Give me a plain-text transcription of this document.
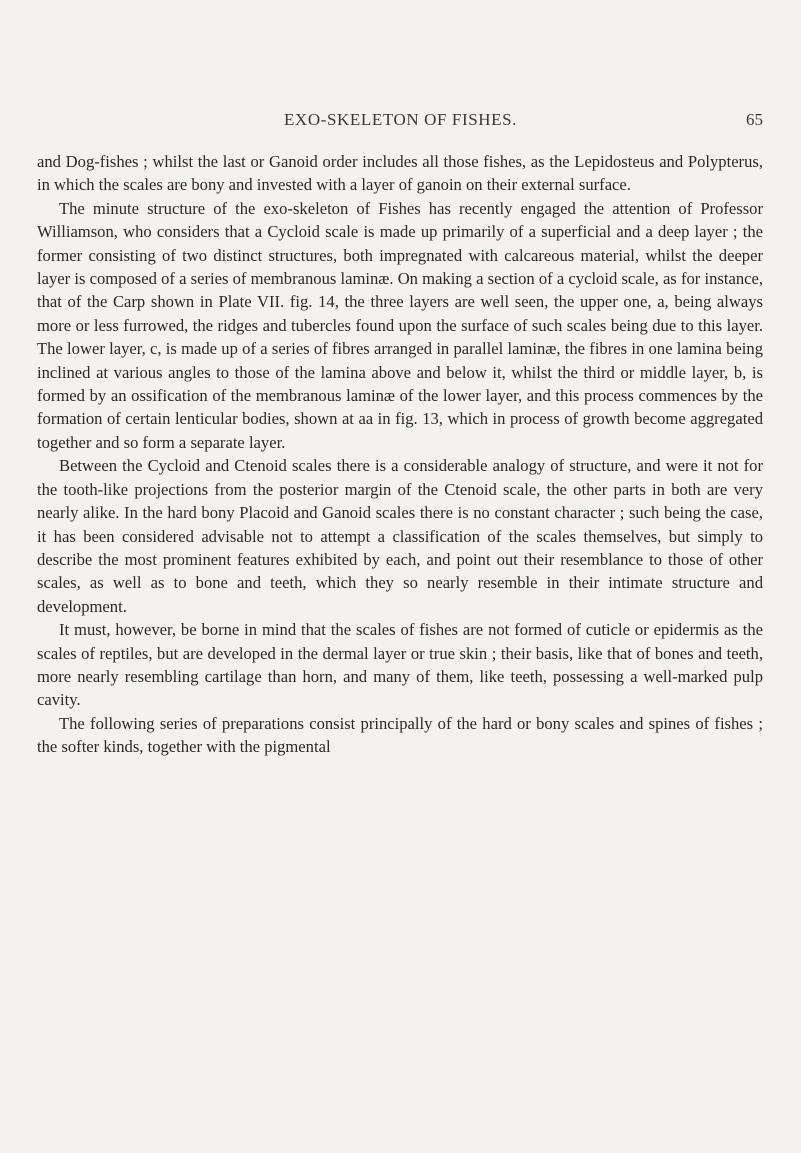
EXO-SKELETON OF FISHES.	65

and Dog-fishes ; whilst the last or Ganoid order includes all those fishes, as the Lepidosteus and Polypterus, in which the scales are bony and invested with a layer of ganoin on their external surface.

The minute structure of the exo-skeleton of Fishes has recently engaged the attention of Professor Williamson, who considers that a Cycloid scale is made up primarily of a superficial and a deep layer ; the former consisting of two distinct structures, both impregnated with calcareous material, whilst the deeper layer is composed of a series of membranous laminæ. On making a section of a cycloid scale, as for instance, that of the Carp shown in Plate VII. fig. 14, the three layers are well seen, the upper one, a, being always more or less furrowed, the ridges and tubercles found upon the surface of such scales being due to this layer. The lower layer, c, is made up of a series of fibres arranged in parallel laminæ, the fibres in one lamina being inclined at various angles to those of the lamina above and below it, whilst the third or middle layer, b, is formed by an ossification of the membranous laminæ of the lower layer, and this process commences by the formation of certain lenticular bodies, shown at aa in fig. 13, which in process of growth become aggregated together and so form a separate layer.

Between the Cycloid and Ctenoid scales there is a considerable analogy of structure, and were it not for the tooth-like projections from the posterior margin of the Ctenoid scale, the other parts in both are very nearly alike. In the hard bony Placoid and Ganoid scales there is no constant character ; such being the case, it has been considered advisable not to attempt a classification of the scales themselves, but simply to describe the most prominent features exhibited by each, and point out their resemblance to those of other scales, as well as to bone and teeth, which they so nearly resemble in their intimate structure and development.

It must, however, be borne in mind that the scales of fishes are not formed of cuticle or epidermis as the scales of reptiles, but are developed in the dermal layer or true skin ; their basis, like that of bones and teeth, more nearly resembling cartilage than horn, and many of them, like teeth, possessing a well-marked pulp cavity.

The following series of preparations consist principally of the hard or bony scales and spines of fishes ; the softer kinds, together with the pigmental
